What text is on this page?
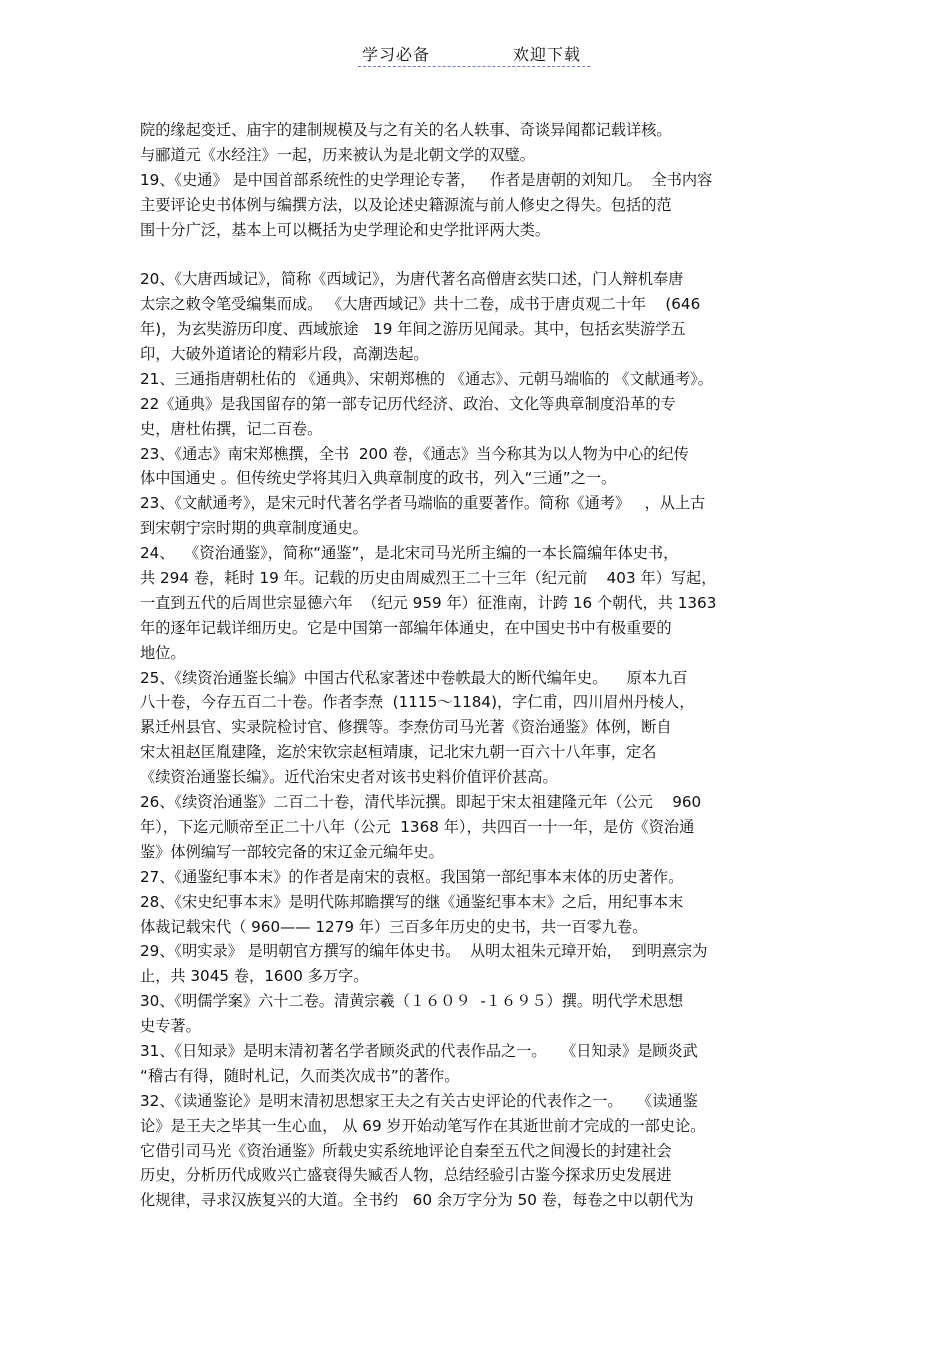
学习必备	欢迎下载
院的缘起变迁、庙宇的建制规模及与之有关的名人轶事、奇谈异闻都记载详核。
与郦道元《水经注》一起，历来被认为是北朝文学的双璧。
19、《史通》 是中国首部系统性的史学理论专著，   作者是唐朝的刘知几。  全书内容
主要评论史书体例与编撰方法，以及论述史籍源流与前人修史之得失。包括的范
围十分广泛，基本上可以概括为史学理论和史学批评两大类。
20、《大唐西域记》，简称《西域记》，为唐代著名高僧唐玄奘口述，门人辩机奉唐
太宗之敕令笔受编集而成。 《大唐西域记》共十二卷，成书于唐贞观二十年    (646
年)，为玄奘游历印度、西域旅途   19 年间之游历见闻录。其中，包括玄奘游学五
印，大破外道诸论的精彩片段，高潮迭起。
21、三通指唐朝杜佑的 《通典》、宋朝郑樵的 《通志》、元朝马端临的 《文献通考》。
22《通典》是我国留存的第一部专记历代经济、政治、文化等典章制度沿革的专
史，唐杜佑撰，记二百卷。
23、《通志》南宋郑樵撰，全书  200 卷，《通志》当今称其为以人物为中心的纪传
体中国通史 。但传统史学将其归入典章制度的政书，列入“三通”之一。
23、《文献通考》，是宋元时代著名学者马端临的重要著作。简称《通考》   ，从上古
到宋朝宁宗时期的典章制度通史。
24、  《资治通鉴》，简称“通鉴”，是北宋司马光所主编的一本长篇编年体史书，
共 294 卷，耗时 19 年。记载的历史由周威烈王二十三年（纪元前    403 年）写起，
一直到五代的后周世宗显德六年  （纪元 959 年）征淮南，计跨 16 个朝代，共 1363
年的逐年记载详细历史。它是中国第一部编年体通史，在中国史书中有极重要的
地位。
25、《续资治通鉴长编》中国古代私家著述中卷帙最大的断代编年史。    原本九百
八十卷，今存五百二十卷。作者李焘  (1115～1184)，字仁甫，四川眉州丹棱人，
累迁州县官、实录院检讨官、修撰等。李焘仿司马光著《资治通鉴》体例，断自
宋太祖赵匡胤建隆，迄於宋钦宗赵桓靖康，记北宋九朝一百六十八年事，定名
《续资治通鉴长编》。近代治宋史者对该书史料价值评价甚高。
26、《续资治通鉴》二百二十卷，清代毕沅撰。即起于宋太祖建隆元年（公元    960
年），下迄元顺帝至正二十八年（公元  1368 年），共四百一十一年，是仿《资治通
鉴》体例编写一部较完备的宋辽金元编年史。
27、《通鉴纪事本末》的作者是南宋的袁枢。我国第一部纪事本末体的历史著作。
28、《宋史纪事本末》是明代陈邦瞻撰写的继《通鉴纪事本末》之后，用纪事本末
体裁记载宋代（ 960—— 1279 年）三百多年历史的史书，共一百零九卷。
29、《明实录》 是明朝官方撰写的编年体史书。  从明太祖朱元璋开始，  到明熹宗为
止，共 3045 卷，1600 多万字。
30、《明儒学案》六十二卷。清黄宗羲（１６０９  -１６９５）撰。明代学术思想
史专著。
31、《日知录》是明末清初著名学者顾炎武的代表作品之一。   《日知录》是顾炎武
“稽古有得，随时札记，久而类次成书”的著作。
32、《读通鉴论》是明末清初思想家王夫之有关古史评论的代表作之一。   《读通鉴
论》是王夫之毕其一生心血， 从 69 岁开始动笔写作在其逝世前才完成的一部史论。
它借引司马光《资治通鉴》所载史实系统地评论自秦至五代之间漫长的封建社会
历史，分析历代成败兴亡盛衰得失臧否人物，总结经验引古鉴今探求历史发展进
化规律，寻求汉族复兴的大道。全书约   60 余万字分为 50 卷，每卷之中以朝代为
